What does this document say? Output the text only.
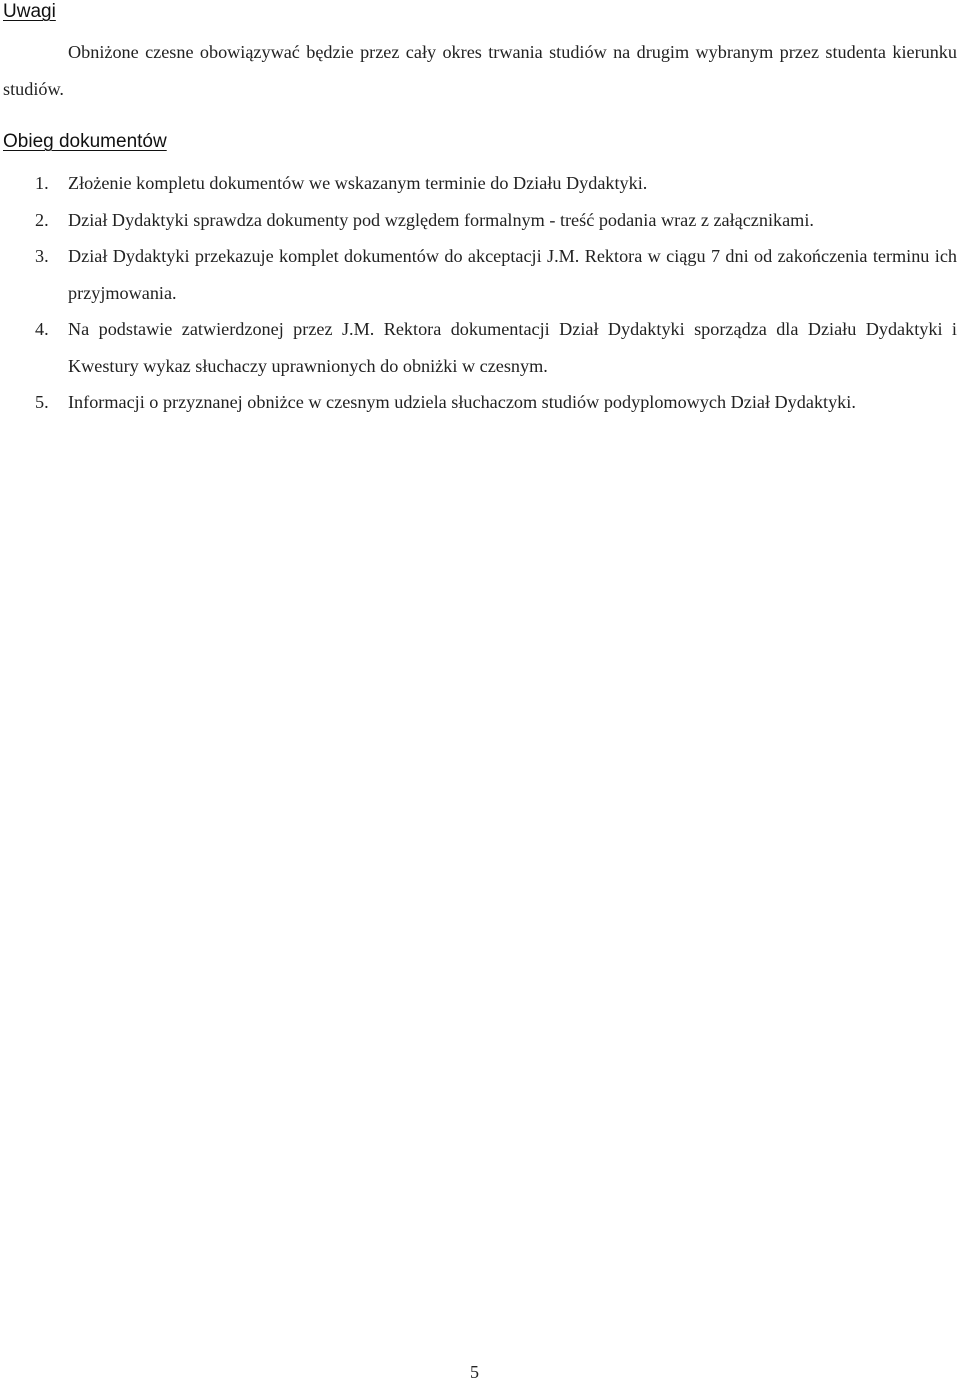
Uwagi

Obniżone czesne obowiązywać będzie przez cały okres trwania studiów na drugim wybranym przez studenta kierunku studiów.

Obieg dokumentów
1. Złożenie kompletu dokumentów we wskazanym terminie do Działu Dydaktyki.
2. Dział Dydaktyki sprawdza dokumenty pod względem formalnym - treść podania wraz z załącznikami.
3. Dział Dydaktyki przekazuje komplet dokumentów do akceptacji J.M. Rektora w ciągu 7 dni od zakończenia terminu ich przyjmowania.
4. Na podstawie zatwierdzonej przez J.M. Rektora dokumentacji Dział Dydaktyki sporządza dla Działu Dydaktyki i Kwestury wykaz słuchaczy uprawnionych do obniżki w czesnym.
5. Informacji o przyznanej obniżce w czesnym udziela słuchaczom studiów podyplomowych Dział Dydaktyki.
5
